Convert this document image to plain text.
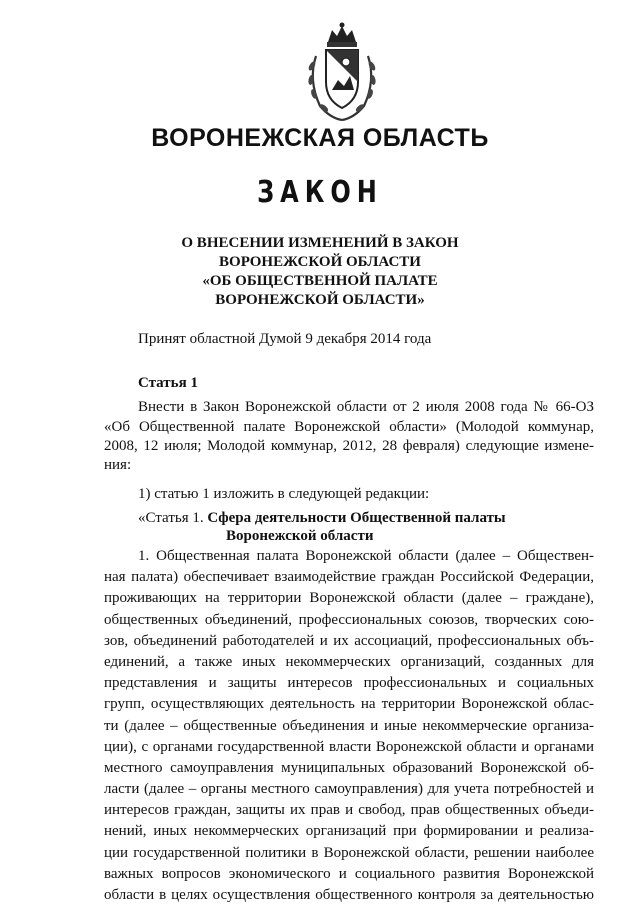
ВОРОНЕЖСКАЯ ОБЛАСТЬ
ЗАКОН
О ВНЕСЕНИИ ИЗМЕНЕНИЙ В ЗАКОН
ВОРОНЕЖСКОЙ ОБЛАСТИ
«ОБ ОБЩЕСТВЕННОЙ ПАЛАТЕ
ВОРОНЕЖСКОЙ ОБЛАСТИ»
Принят областной Думой 9 декабря 2014 года
Статья 1
Внести в Закон Воронежской области от 2 июля 2008 года № 66-ОЗ
«Об Общественной палате Воронежской области» (Молодой коммунар,
2008, 12 июля; Молодой коммунар, 2012, 28 февраля) следующие измене-
ния:
1) статью 1 изложить в следующей редакции:
«Статья 1. Сфера деятельности Общественной палаты
Воронежской области
1. Общественная палата Воронежской области (далее – Обществен-
ная палата) обеспечивает взаимодействие граждан Российской Федерации,
проживающих на территории Воронежской области (далее – граждане),
общественных объединений, профессиональных союзов, творческих сою-
зов, объединений работодателей и их ассоциаций, профессиональных объ-
единений, а также иных некоммерческих организаций, созданных для
представления и защиты интересов профессиональных и социальных
групп, осуществляющих деятельность на территории Воронежской облас-
ти (далее – общественные объединения и иные некоммерческие организа-
ции), с органами государственной власти Воронежской области и органами
местного самоуправления муниципальных образований Воронежской об-
ласти (далее – органы местного самоуправления) для учета потребностей и
интересов граждан, защиты их прав и свобод, прав общественных объеди-
нений, иных некоммерческих организаций при формировании и реализа-
ции государственной политики в Воронежской области, решении наиболее
важных вопросов экономического и социального развития Воронежской
области в целях осуществления общественного контроля за деятельностью
